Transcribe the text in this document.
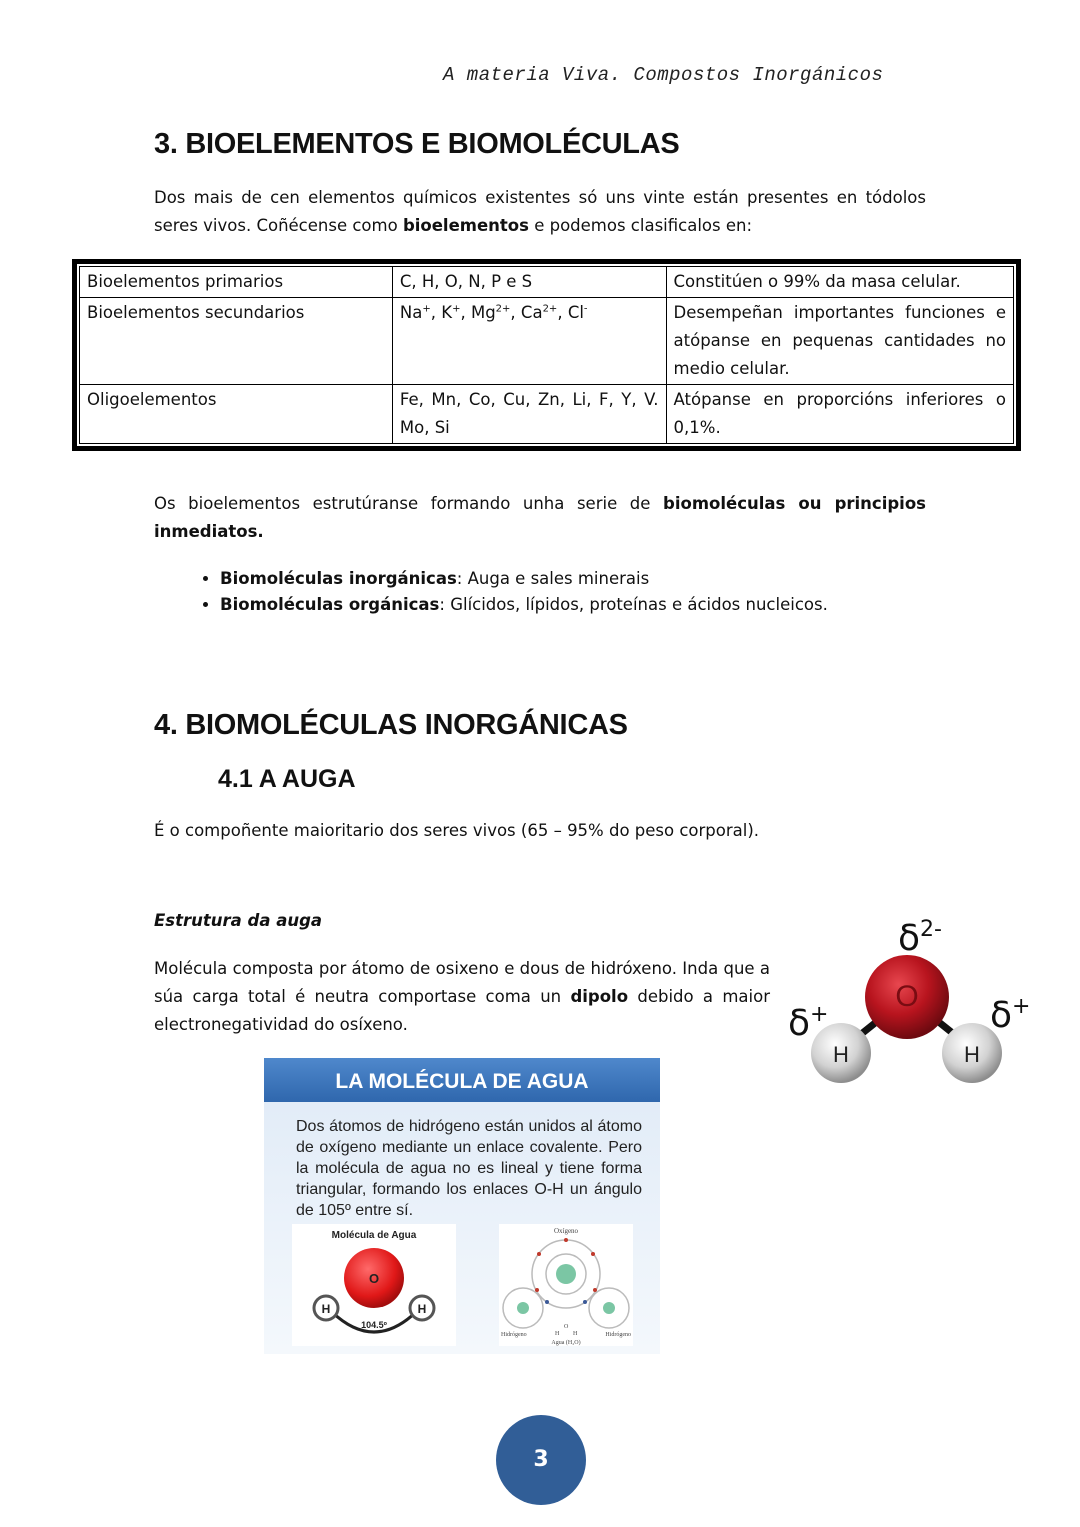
A materia Viva. Compostos Inorgánicos
3. BIOELEMENTOS E BIOMOLÉCULAS
Dos mais de cen elementos químicos existentes só uns vinte están presentes en tódolos seres vivos. Coñécense como bioelementos e podemos clasificalos en:
Bioelementos primarios	C, H, O, N, P e S	Constitúen o 99% da masa celular.
Bioelementos secundarios	Na+, K+, $Mg^{2+}$, $Ca^{2+}$, Cl-	Desempeñan importantes funciones e atópanse en pequenas cantidades no medio celular.
Oligoelementos	Fe, Mn, Co, Cu, Zn, Li, F, Y, V. Mo, Si	Atópanse en proporcións inferiores o 0,1%.
Os bioelementos estrutúranse formando unha serie de biomoléculas ou principios inmediatos.
• Biomoléculas inorgánicas: Auga e sales minerais
• Biomoléculas orgánicas: Glícidos, lípidos, proteínas e ácidos nucleicos.
4. BIOMOLÉCULAS INORGÁNICAS
4.1 A AUGA
É o compoñente maioritario dos seres vivos (65 – 95% do peso corporal).
Estrutura da auga
Molécula composta por átomo de osixeno e dous de hidróxeno. Inda que a súa carga total é neutra comportase coma un dipolo debido a maior electronegatividad do osíxeno.
O
H	H
$\delta^{2-}$
δ+	δ+
LA MOLÉCULA DE AGUA
Dos átomos de hidrógeno están unidos al átomo de oxígeno mediante un enlace covalente. Pero la molécula de agua no es lineal y tiene forma triangular, formando los enlaces O-H un ángulo de 105º entre sí.
Molécula de Agua
O
H	H
104.5º
Oxígeno
Hidrógeno	H
O
H	Hidrógeno
Agua (H₂O)
3
